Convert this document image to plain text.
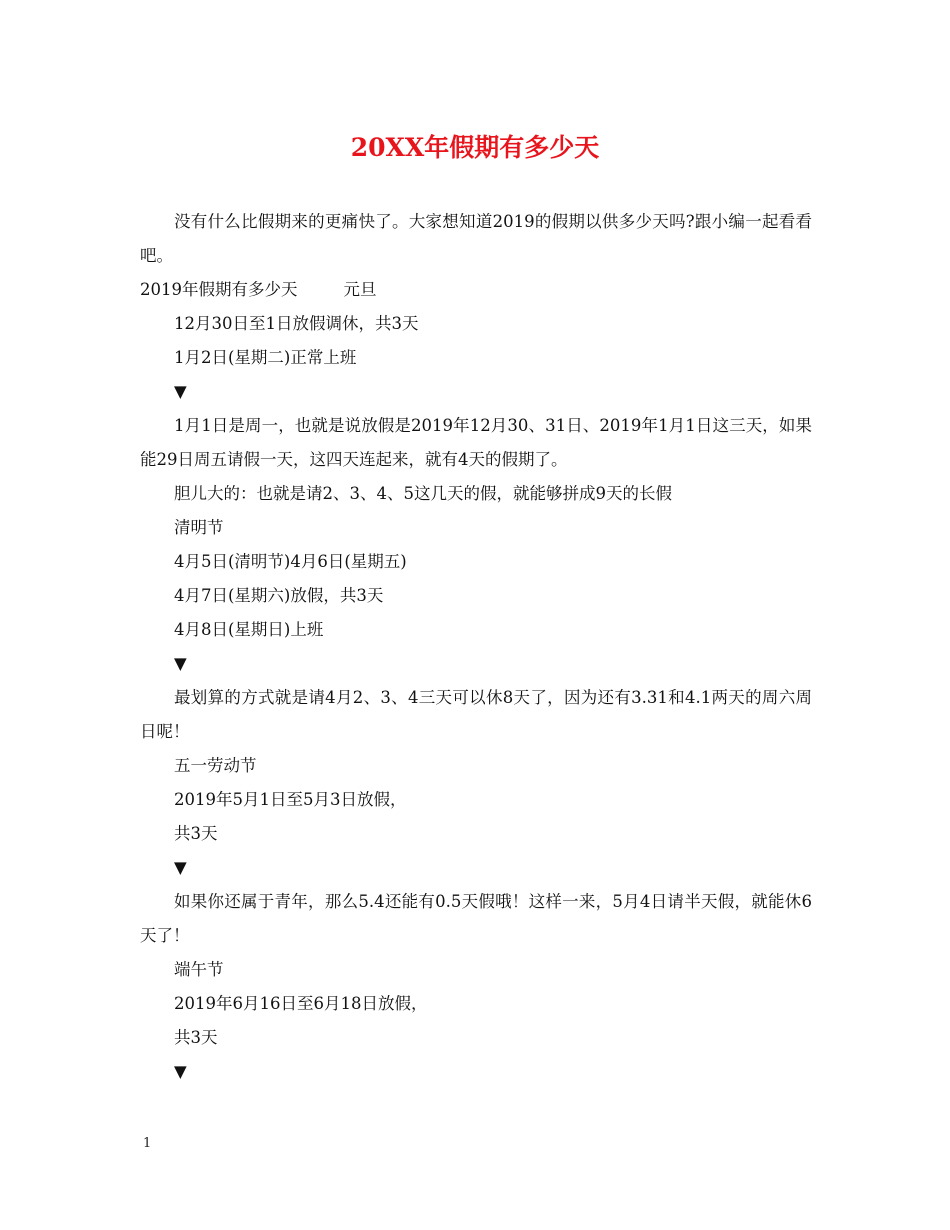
20XX年假期有多少天

没有什么比假期来的更痛快了。大家想知道2019的假期以供多少天吗?跟小编一起看看吧。

2019年假期有多少天	元旦

12月30日至1日放假调休，共3天

1月2日(星期二)正常上班

▼

1月1日是周一，也就是说放假是2019年12月30、31日、2019年1月1日这三天，如果能29日周五请假一天，这四天连起来，就有4天的假期了。

胆儿大的：也就是请2、3、4、5这几天的假，就能够拼成9天的长假

清明节

4月5日(清明节)4月6日(星期五)

4月7日(星期六)放假，共3天

4月8日(星期日)上班

▼

最划算的方式就是请4月2、3、4三天可以休8天了，因为还有3.31和4.1两天的周六周日呢！

五一劳动节

2019年5月1日至5月3日放假，

共3天

▼

如果你还属于青年，那么5.4还能有0.5天假哦！这样一来，5月4日请半天假，就能休6天了！

端午节

2019年6月16日至6月18日放假，

共3天

▼

1
